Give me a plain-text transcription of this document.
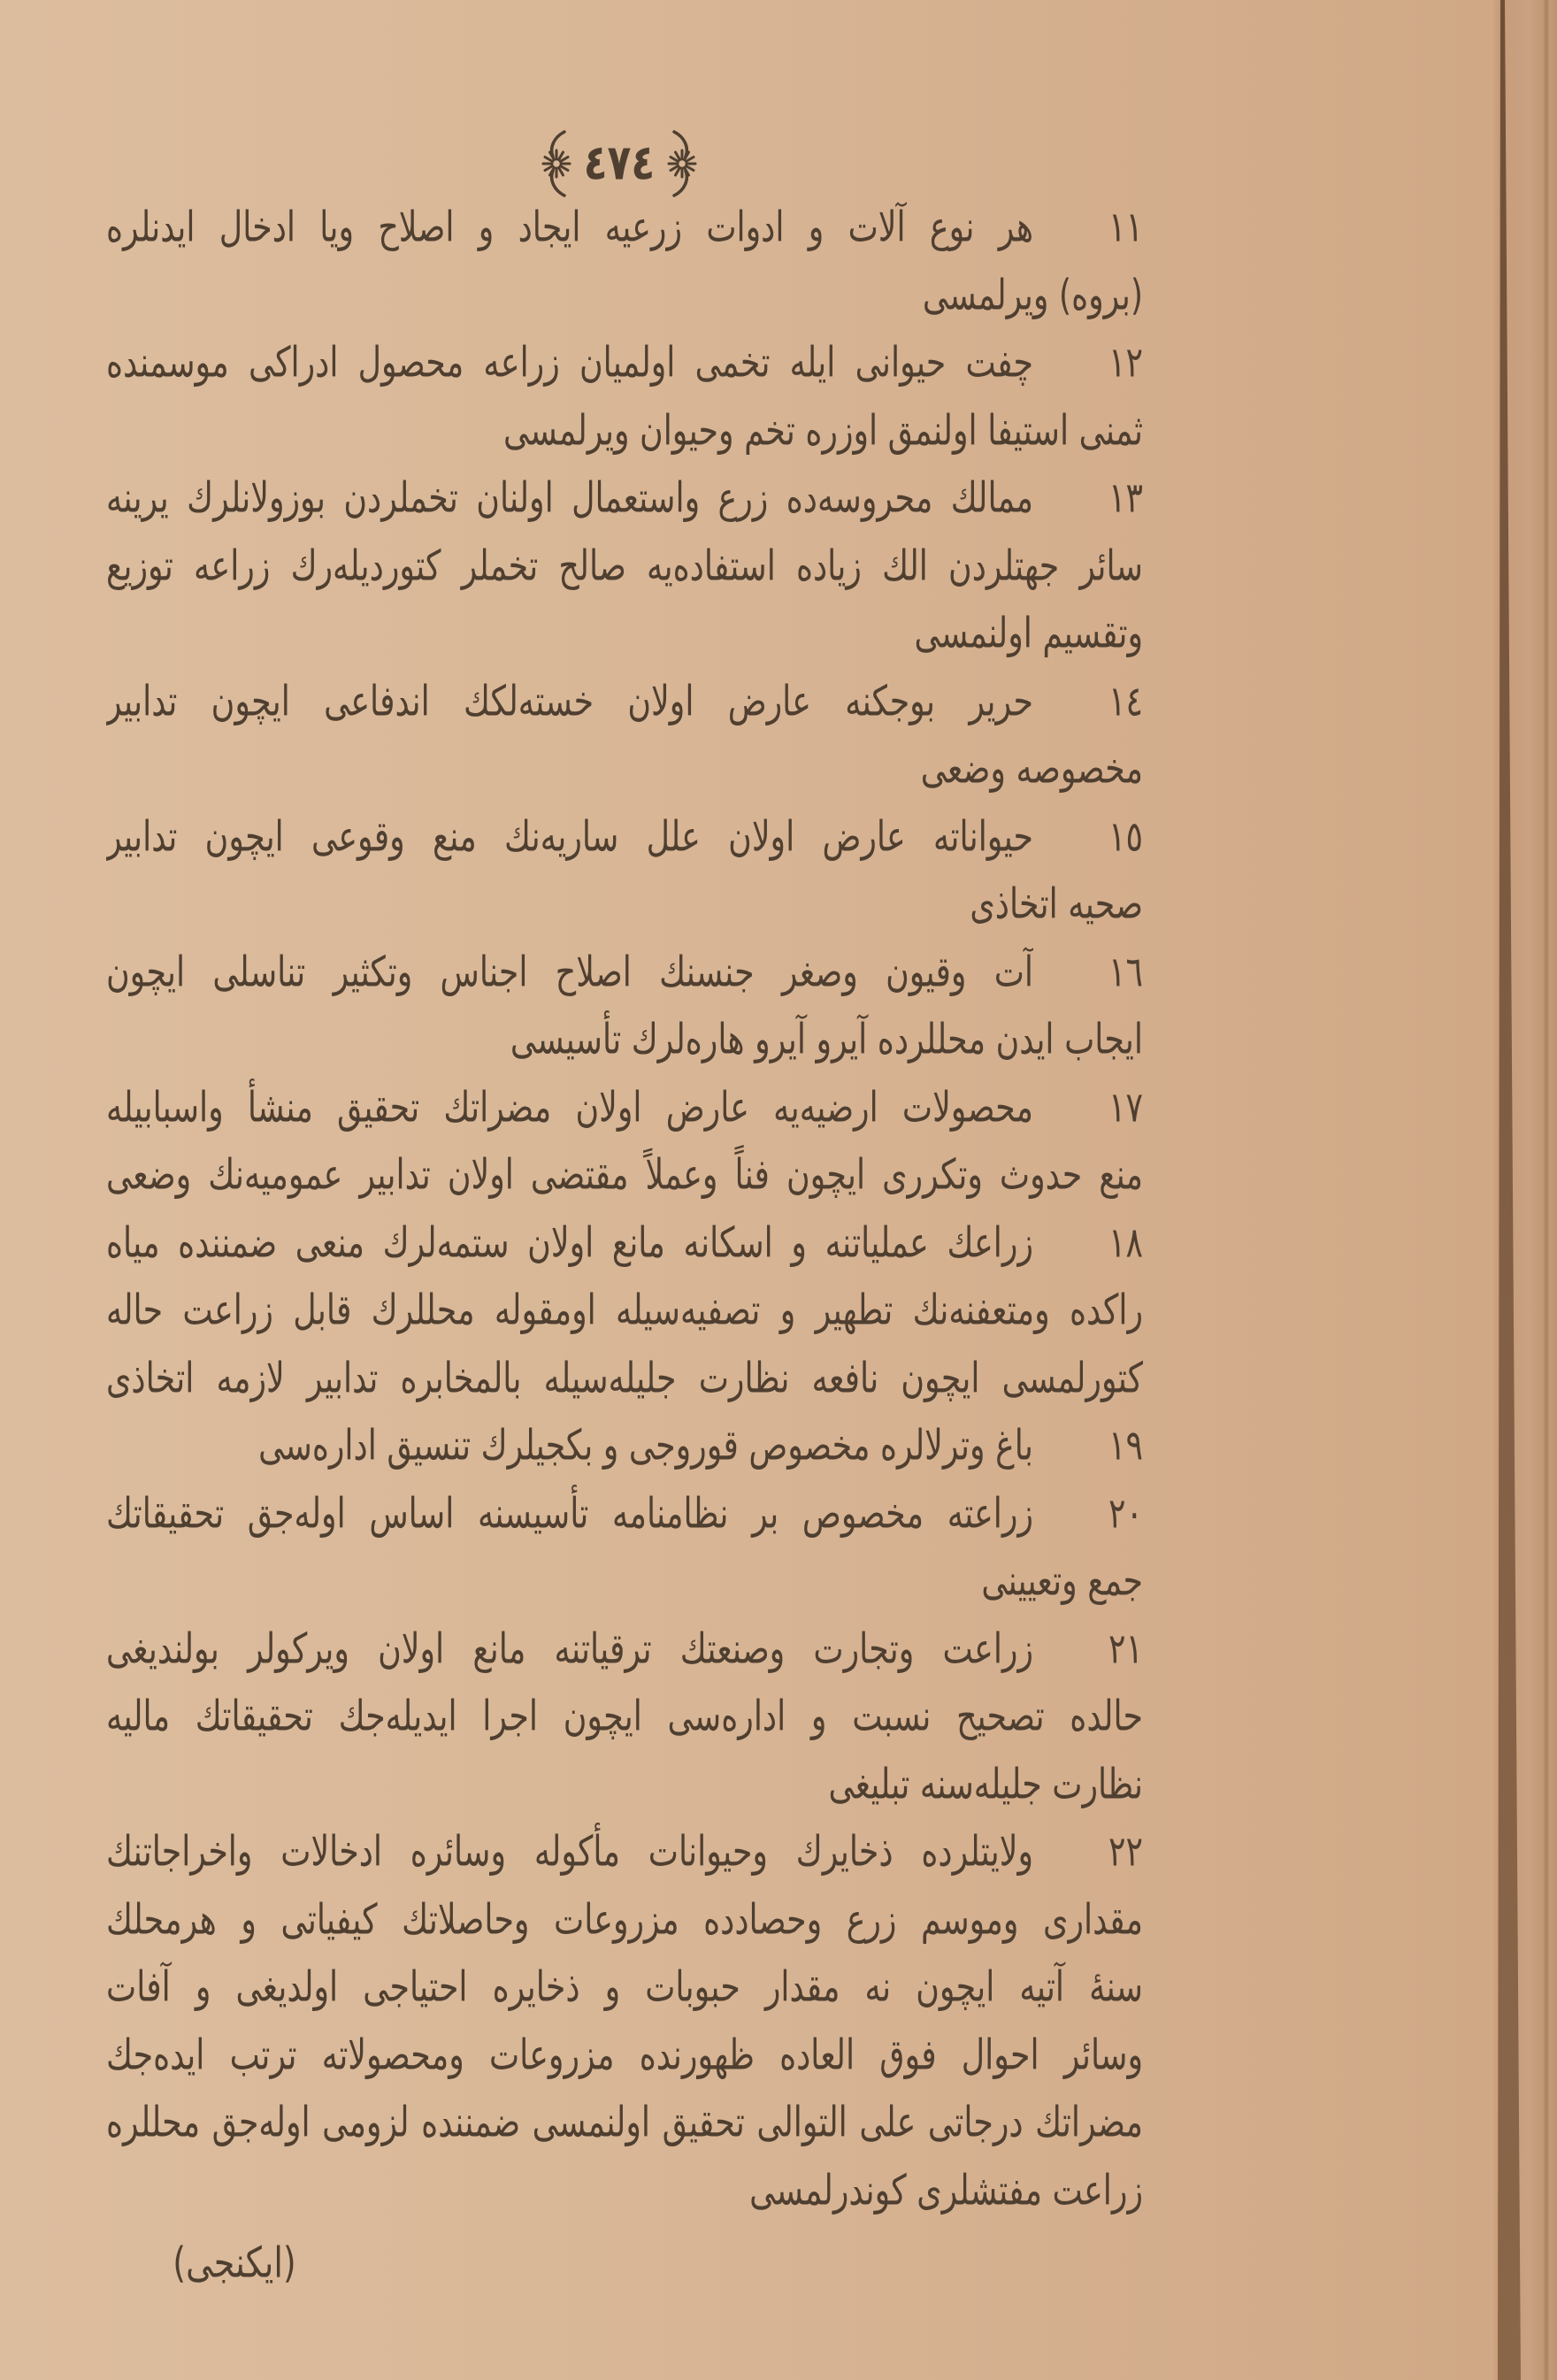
٤٧٤
١١
هر نوع آلات و ادوات زرعیه ایجاد و اصلاح ویا ادخال ایدنلره
(بروه) ویرلمسی
١٢
چفت حیوانی ایله تخمی اولمیان زراعه محصول ادراكی موسمنده
ثمنی استیفا اولنمق اوزره تخم وحیوان ویرلمسی
١٣
ممالك محروسه‌ده زرع واستعمال اولنان تخملردن بوزولانلرك یرینه
سائر جهتلردن الك زیاده استفاده‌یه صالح تخملر كتوردیله‌رك زراعه توزیع
وتقسیم اولنمسی
١٤
حریر بوجكنه عارض اولان خسته‌لكك اندفاعی ایچون تدابیر
مخصوصه وضعی
١٥
حیواناته عارض اولان علل ساریه‌نك منع وقوعی ایچون تدابیر
صحیه اتخاذی
١٦
آت وقیون وصغر جنسنك اصلاح اجناس وتكثیر تناسلی ایچون
ایجاب ایدن محللرده آیرو آیرو هاره‌لرك تأسیسی
١٧
محصولات ارضیه‌یه عارض اولان مضراتك تحقیق منشأ واسبابیله
منع حدوث وتكرری ایچون فناً وعملاً مقتضی اولان تدابیر عمومیه‌نك وضعی
١٨
زراعك عملیاتنه و اسكانه مانع اولان ستمه‌لرك منعی ضمننده میاه
راكده ومتعفنه‌نك تطهیر و تصفیه‌سیله اومقوله محللرك قابل زراعت حاله
كتورلمسی ایچون نافعه نظارت جلیله‌سیله بالمخابره تدابیر لازمه اتخاذی
١٩
باغ وترلالره مخصوص قوروجی و بكجیلرك تنسیق اداره‌سی
٢٠
زراعته مخصوص بر نظامنامه تأسیسنه اساس اوله‌جق تحقیقاتك
جمع وتعیینی
٢١
زراعت وتجارت وصنعتك ترقیاتنه مانع اولان ویركولر بولندیغی
حالده تصحیح نسبت و اداره‌سی ایچون اجرا ایدیله‌جك تحقیقاتك مالیه
نظارت جلیله‌سنه تبلیغی
٢٢
ولایتلرده ذخایرك وحیوانات مأكوله وسائره ادخالات واخراجاتنك
مقداری وموسم زرع وحصادده مزروعات وحاصلاتك كیفیاتی و هرمحلك
سنهٔ آتیه ایچون نه مقدار حبوبات و ذخایره احتیاجی اولدیغی و آفات
وسائر احوال فوق العاده ظهورنده مزروعات ومحصولاته ترتب ایده‌جك
مضراتك درجاتی علی التوالی تحقیق اولنمسی ضمننده لزومی اوله‌جق محللره
زراعت مفتشلری كوندرلمسی
(ایكنجی)
